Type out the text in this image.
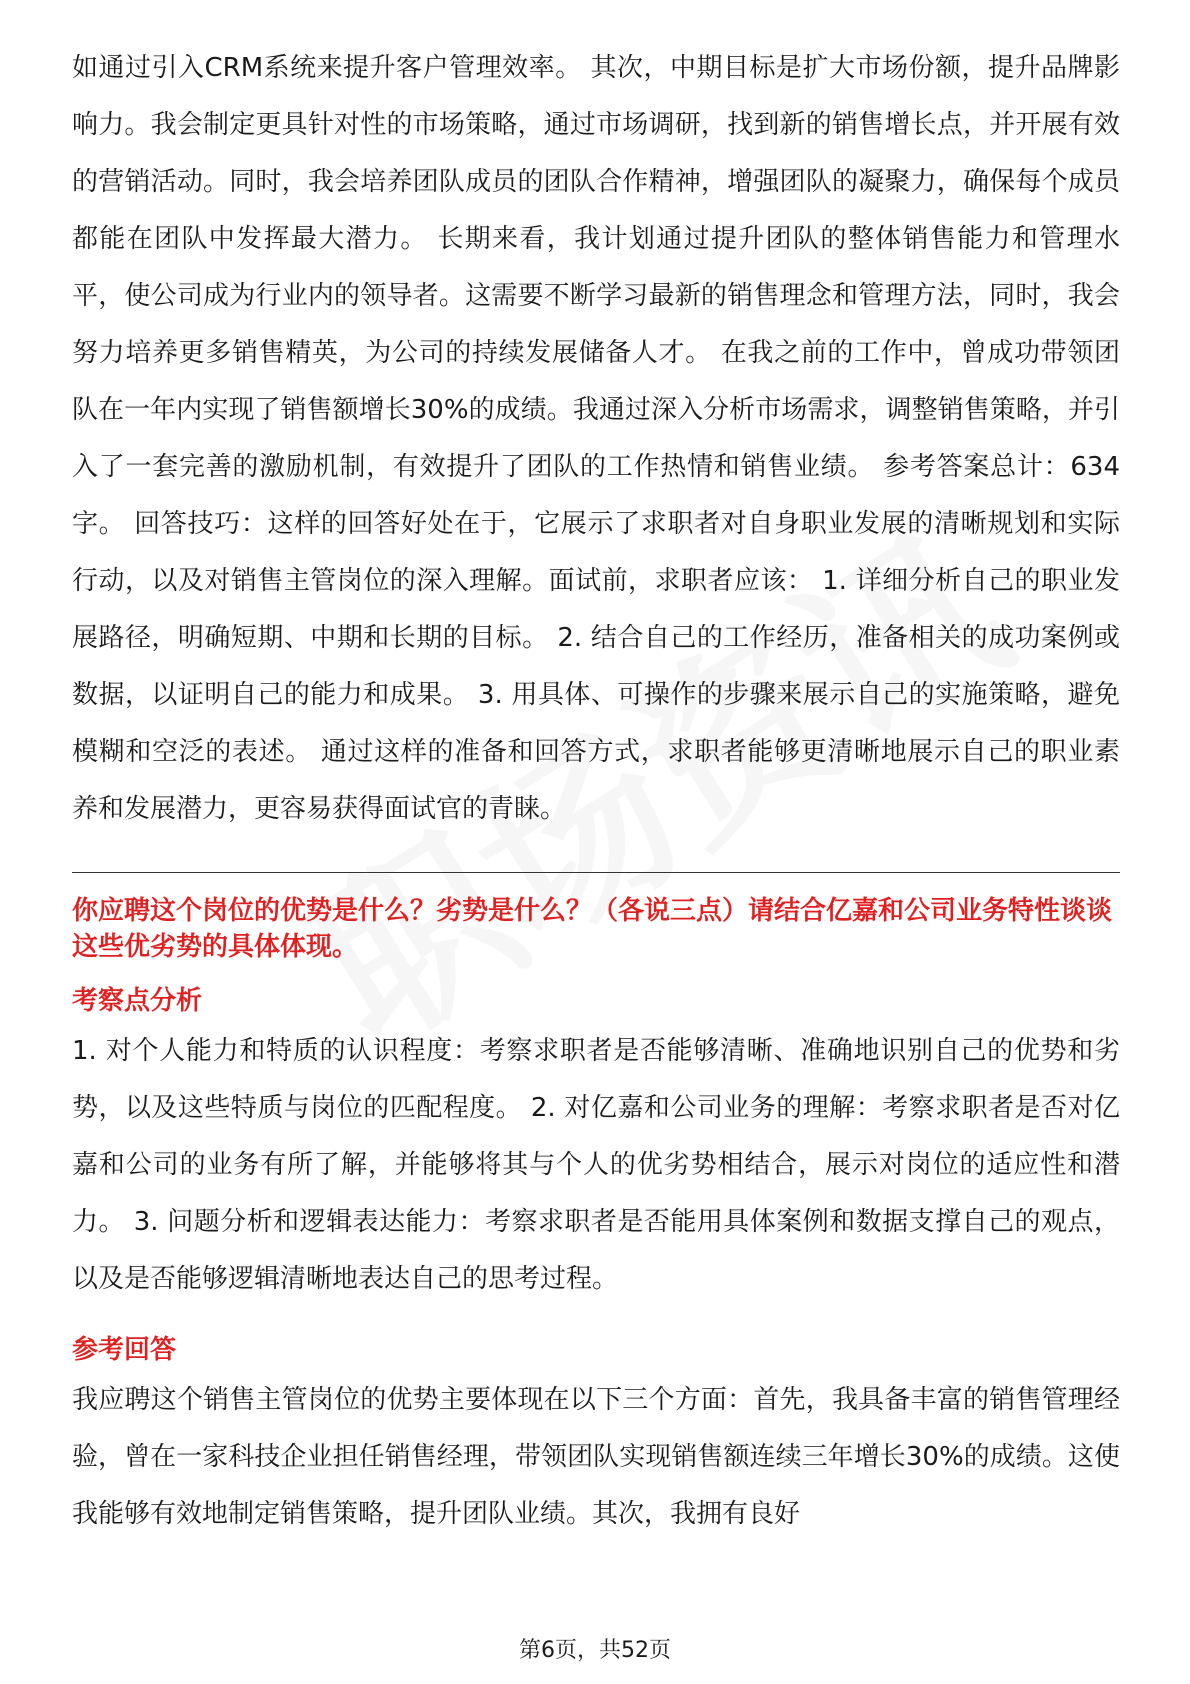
如通过引入CRM系统来提升客户管理效率。 其次，中期目标是扩大市场份额，提升品牌影响力。我会制定更具针对性的市场策略，通过市场调研，找到新的销售增长点，并开展有效的营销活动。同时，我会培养团队成员的团队合作精神，增强团队的凝聚力，确保每个成员都能在团队中发挥最大潜力。 长期来看，我计划通过提升团队的整体销售能力和管理水平，使公司成为行业内的领导者。这需要不断学习最新的销售理念和管理方法，同时，我会努力培养更多销售精英，为公司的持续发展储备人才。 在我之前的工作中，曾成功带领团队在一年内实现了销售额增长30%的成绩。我通过深入分析市场需求，调整销售策略，并引入了一套完善的激励机制，有效提升了团队的工作热情和销售业绩。 参考答案总计：634字。 回答技巧：这样的回答好处在于，它展示了求职者对自身职业发展的清晰规划和实际行动，以及对销售主管岗位的深入理解。面试前，求职者应该： 1. 详细分析自己的职业发展路径，明确短期、中期和长期的目标。 2. 结合自己的工作经历，准备相关的成功案例或数据，以证明自己的能力和成果。 3. 用具体、可操作的步骤来展示自己的实施策略，避免模糊和空泛的表述。 通过这样的准备和回答方式，求职者能够更清晰地展示自己的职业素养和发展潜力，更容易获得面试官的青睐。

你应聘这个岗位的优势是什么？劣势是什么？（各说三点）请结合亿嘉和公司业务特性谈谈这些优劣势的具体体现。

考察点分析

1. 对个人能力和特质的认识程度：考察求职者是否能够清晰、准确地识别自己的优势和劣势，以及这些特质与岗位的匹配程度。 2. 对亿嘉和公司业务的理解：考察求职者是否对亿嘉和公司的业务有所了解，并能够将其与个人的优劣势相结合，展示对岗位的适应性和潜力。 3. 问题分析和逻辑表达能力：考察求职者是否能用具体案例和数据支撑自己的观点，以及是否能够逻辑清晰地表达自己的思考过程。

参考回答

我应聘这个销售主管岗位的优势主要体现在以下三个方面：首先，我具备丰富的销售管理经验，曾在一家科技企业担任销售经理，带领团队实现销售额连续三年增长30%的成绩。这使我能够有效地制定销售策略，提升团队业绩。其次，我拥有良好

第6页，共52页
